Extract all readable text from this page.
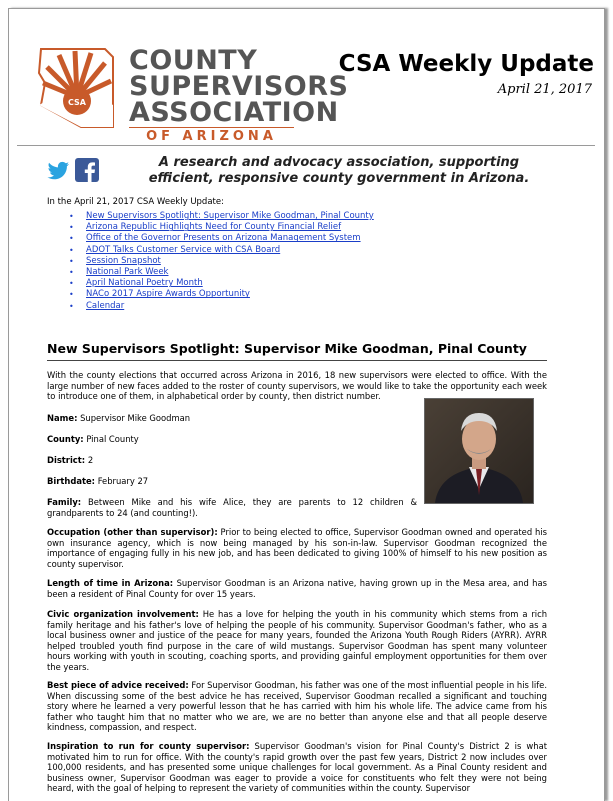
CSA
COUNTY
SUPERVISORS
ASSOCIATION
OF ARIZONA
CSA Weekly Update
April 21, 2017
A research and advocacy association, supporting
efficient, responsive county government in Arizona.
In the April 21, 2017 CSA Weekly Update:
• New Supervisors Spotlight: Supervisor Mike Goodman, Pinal County
• Arizona Republic Highlights Need for County Financial Relief
• Office of the Governor Presents on Arizona Management System
• ADOT Talks Customer Service with CSA Board
• Session Snapshot
• National Park Week
• April National Poetry Month
• NACo 2017 Aspire Awards Opportunity
• Calendar
New Supervisors Spotlight: Supervisor Mike Goodman, Pinal County
With the county elections that occurred across Arizona in 2016, 18 new supervisors were elected to office. With the large number of new faces added to the roster of county supervisors, we would like to take the opportunity each week to introduce one of them, in alphabetical order by county, then district number.
Name: Supervisor Mike Goodman
County: Pinal County
District: 2
Birthdate: February 27
Family: Between Mike and his wife Alice, they are parents to 12 children & grandparents to 24 (and counting!).
Occupation (other than supervisor): Prior to being elected to office, Supervisor Goodman owned and operated his own insurance agency, which is now being managed by his son-in-law. Supervisor Goodman recognized the importance of engaging fully in his new job, and has been dedicated to giving 100% of himself to his new position as county supervisor.
Length of time in Arizona: Supervisor Goodman is an Arizona native, having grown up in the Mesa area, and has been a resident of Pinal County for over 15 years.
Civic organization involvement: He has a love for helping the youth in his community which stems from a rich family heritage and his father's love of helping the people of his community. Supervisor Goodman's father, who as a local business owner and justice of the peace for many years, founded the Arizona Youth Rough Riders (AYRR). AYRR helped troubled youth find purpose in the care of wild mustangs. Supervisor Goodman has spent many volunteer hours working with youth in scouting, coaching sports, and providing gainful employment opportunities for them over the years.
Best piece of advice received: For Supervisor Goodman, his father was one of the most influential people in his life. When discussing some of the best advice he has received, Supervisor Goodman recalled a significant and touching story where he learned a very powerful lesson that he has carried with him his whole life. The advice came from his father who taught him that no matter who we are, we are no better than anyone else and that all people deserve kindness, compassion, and respect.
Inspiration to run for county supervisor: Supervisor Goodman's vision for Pinal County's District 2 is what motivated him to run for office. With the county's rapid growth over the past few years, District 2 now includes over 100,000 residents, and has presented some unique challenges for local government. As a Pinal County resident and business owner, Supervisor Goodman was eager to provide a voice for constituents who felt they were not being heard, with the goal of helping to represent the variety of communities within the county. Supervisor
